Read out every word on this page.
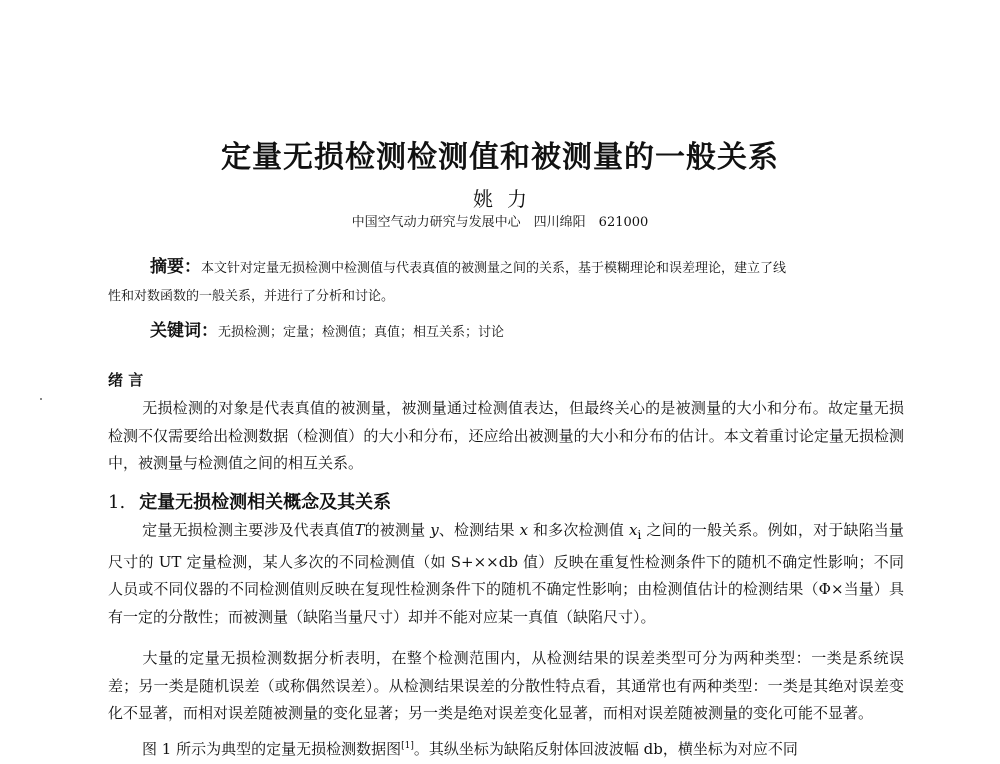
定量无损检测检测值和被测量的一般关系
姚力
中国空气动力研究与发展中心　四川绵阳　621000
摘要：本文针对定量无损检测中检测值与代表真值的被测量之间的关系，基于模糊理论和误差理论，建立了线
性和对数函数的一般关系，并进行了分析和讨论。
关键词：无损检测；定量；检测值；真值；相互关系；讨论
绪 言
无损检测的对象是代表真值的被测量，被测量通过检测值表达，但最终关心的是被测量的大小和分布。故定量无损检测不仅需要给出检测数据（检测值）的大小和分布，还应给出被测量的大小和分布的估计。本文着重讨论定量无损检测中，被测量与检测值之间的相互关系。
1. 定量无损检测相关概念及其关系
定量无损检测主要涉及代表真值T的被测量 y、检测结果 x 和多次检测值 $x_i$ 之间的一般关系。例如，对于缺陷当量尺寸的 UT 定量检测，某人多次的不同检测值（如 S+××db 值）反映在重复性检测条件下的随机不确定性影响；不同人员或不同仪器的不同检测值则反映在复现性检测条件下的随机不确定性影响；由检测值估计的检测结果（Φ×当量）具有一定的分散性；而被测量（缺陷当量尺寸）却并不能对应某一真值（缺陷尺寸）。
大量的定量无损检测数据分析表明，在整个检测范围内，从检测结果的误差类型可分为两种类型：一类是系统误差；另一类是随机误差（或称偶然误差）。从检测结果误差的分散性特点看，其通常也有两种类型：一类是其绝对误差变化不显著，而相对误差随被测量的变化显著；另一类是绝对误差变化显著，而相对误差随被测量的变化可能不显著。
图 1 所示为典型的定量无损检测数据图[1]。其纵坐标为缺陷反射体回波波幅 db，横坐标为对应不同
